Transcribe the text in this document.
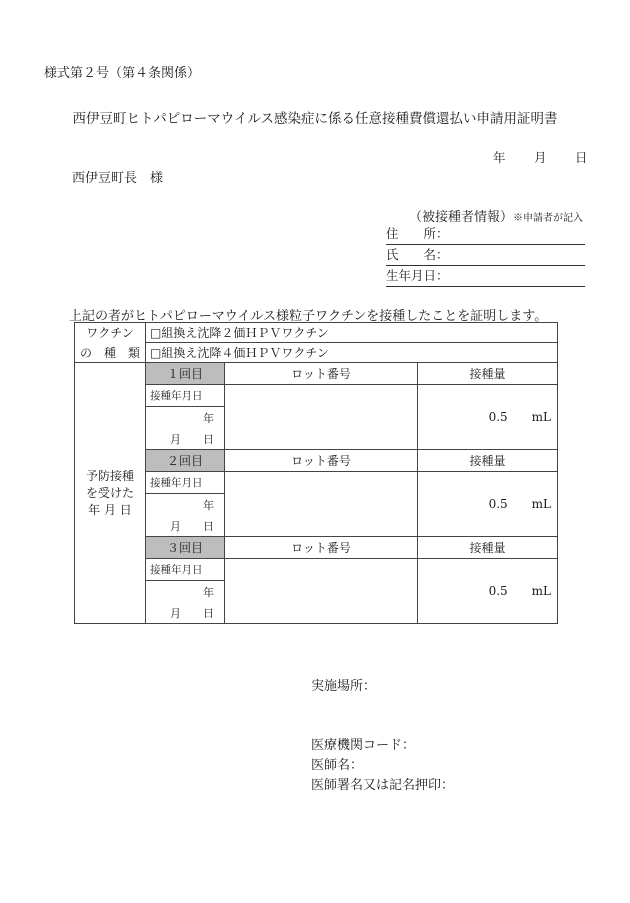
様式第２号（第４条関係）
西伊豆町ヒトパピローマウイルス感染症に係る任意接種費償還払い申請用証明書
年 月 日
西伊豆町長　様
（被接種者情報）※申請者が記入
住　　所：
氏　　名：
生年月日：
上記の者がヒトパピローマウイルス様粒子ワクチンを接種したことを証明します。
ワクチン	□組換え沈降２価ＨＰＶワクチン		
の　種　類	□組換え沈降４価ＨＰＶワクチン		

予防接種
を受けた
年 月 日	１回目	ロット番号	接種量
	接種年月日		0.5 mL
	年		
	月 日		
	２回目	ロット番号	接種量
	接種年月日		0.5 mL
	年		
	月 日		
	３回目	ロット番号	接種量
	接種年月日		0.5 mL
	年		
	月 日		
実施場所：
医療機関コード：
医師名：
医師署名又は記名押印：
